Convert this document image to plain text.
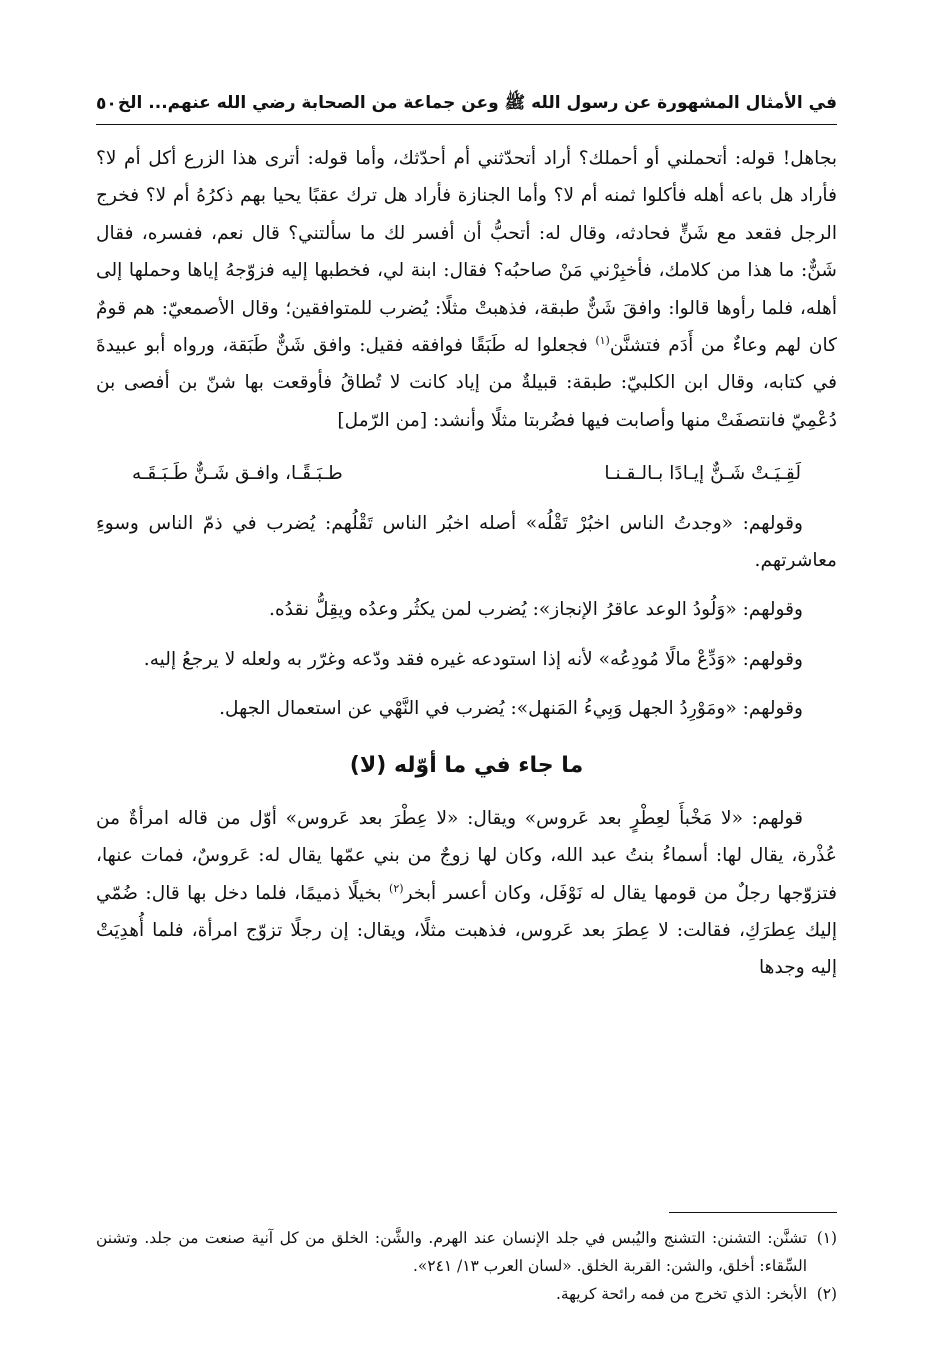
في الأمثال المشهورة عن رسول الله ﷺ وعن جماعة من الصحابة رضي الله عنهم... الخ
٥٠

بجاهل! قوله: أتحملني أو أحملك؟ أراد أتحدّثني أم أحدّثك، وأما قوله: أترى هذا الزرع أكل أم لا؟ فأراد هل باعه أهله فأكلوا ثمنه أم لا؟ وأما الجنازة فأراد هل ترك عقبًا يحيا بهم ذكرُهُ أم لا؟ فخرج الرجل فقعد مع شَنٍّ فحادثه، وقال له: أتحبُّ أن أفسر لك ما سألتني؟ قال نعم، ففسره، فقال شَنٌّ: ما هذا من كلامك، فأخبِرْني مَنْ صاحبُه؟ فقال: ابنة لي، فخطبها إليه فزوّجهُ إياها وحملها إلى أهله، فلما رأوها قالوا: وافقَ شَنٌّ طبقة، فذهبتْ مثلًا: يُضرب للمتوافقين؛ وقال الأصمعيّ: هم قومٌ كان لهم وعاءٌ من أَدَم فتشنَّن$^{(١)}$ فجعلوا له طَبَقًا فوافقه فقيل: وافق شَنٌّ طَبَقة، ورواه أبو عبيدةَ في كتابه، وقال ابن الكلبيّ: طبقة: قبيلةٌ من إياد كانت لا تُطاقُ فأوقعت بها شنّ بن أفصى بن دُعْمِيّ فانتصفَتْ منها وأصابت فيها فضُربتا مثلًا وأنشد: [من الرّمل]

لَقِـيَـتْ شَـنٌّ إيـادًا بـالـقـنـا
طـبَـقًـا، وافـق شَـنٌّ طَـبَـقَـه

وقولهم: «وجدتُ الناس اخبُرْ تَقْلُه» أصله اخبُر الناس تَقْلُهم: يُضرب في ذمّ الناس وسوءِ معاشرتهم.

وقولهم: «وَلُودُ الوعد عاقرُ الإنجاز»: يُضرب لمن يكثُر وعدُه ويقِلُّ نقدُه.

وقولهم: «وَدِّعْ مالًا مُودِعُه» لأنه إذا استودعه غيره فقد ودّعه وغرّر به ولعله لا يرجعُ إليه.

وقولهم: «ومَوْرِدُ الجهل وَبِيءُ المَنهل»: يُضرب في النَّهْي عن استعمال الجهل.

ما جاء في ما أوّله (لا)

قولهم: «لا مَخْبأَ لعِطْرٍ بعد عَروس» ويقال: «لا عِطْرَ بعد عَروس» أوّل من قاله امرأةٌ من عُذْرة، يقال لها: أسماءُ بنتُ عبد الله، وكان لها زوجٌ من بني عمّها يقال له: عَروسٌ، فمات عنها، فتزوّجها رجلٌ من قومها يقال له نَوْفَل، وكان أعسر أبخر$^{(٢)}$ بخيلًا ذميمًا، فلما دخل بها قال: ضُمّي إليك عِطرَكِ، فقالت: لا عِطرَ بعد عَروس، فذهبت مثلًا، ويقال: إن رجلًا تزوّج امرأة، فلما أُهدِيَتْ إليه وجدها

(١)
تشنَّن: التشنن: التشنج واليُبس في جلد الإنسان عند الهرم. والشَّن: الخلق من كل آنية صنعت من جلد. وتشنن السِّقاء: أخلق، والشن: القربة الخلق. «لسان العرب ١٣/ ٢٤١».

(٢)
الأبخر: الذي تخرج من فمه رائحة كريهة.
